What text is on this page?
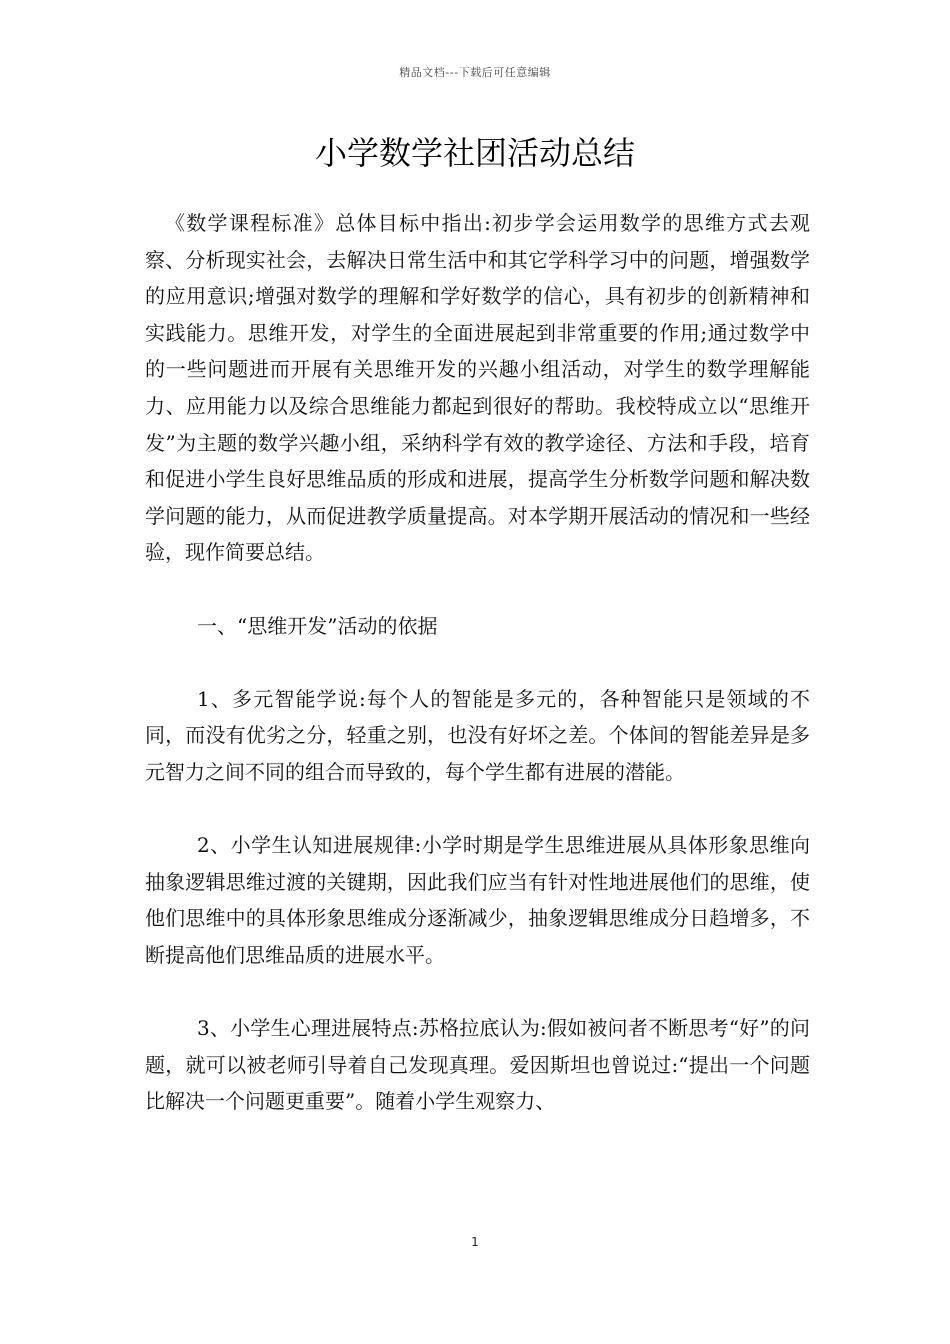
精品文档---下载后可任意编辑
小学数学社团活动总结

《数学课程标准》总体目标中指出:初步学会运用数学的思维方式去观察、分析现实社会，去解决日常生活中和其它学科学习中的问题，增强数学的应用意识;增强对数学的理解和学好数学的信心，具有初步的创新精神和实践能力。思维开发，对学生的全面进展起到非常重要的作用;通过数学中的一些问题进而开展有关思维开发的兴趣小组活动，对学生的数学理解能力、应用能力以及综合思维能力都起到很好的帮助。我校特成立以“思维开发”为主题的数学兴趣小组，采纳科学有效的教学途径、方法和手段，培育和促进小学生良好思维品质的形成和进展，提高学生分析数学问题和解决数学问题的能力，从而促进教学质量提高。对本学期开展活动的情况和一些经验，现作简要总结。

一、“思维开发”活动的依据

1、多元智能学说:每个人的智能是多元的，各种智能只是领域的不同，而没有优劣之分，轻重之别，也没有好坏之差。个体间的智能差异是多元智力之间不同的组合而导致的，每个学生都有进展的潜能。

2、小学生认知进展规律:小学时期是学生思维进展从具体形象思维向抽象逻辑思维过渡的关键期，因此我们应当有针对性地进展他们的思维，使他们思维中的具体形象思维成分逐渐减少，抽象逻辑思维成分日趋增多，不断提高他们思维品质的进展水平。

3、小学生心理进展特点:苏格拉底认为:假如被问者不断思考“好”的问题，就可以被老师引导着自己发现真理。爱因斯坦也曾说过:“提出一个问题比解决一个问题更重要”。随着小学生观察力、

1
